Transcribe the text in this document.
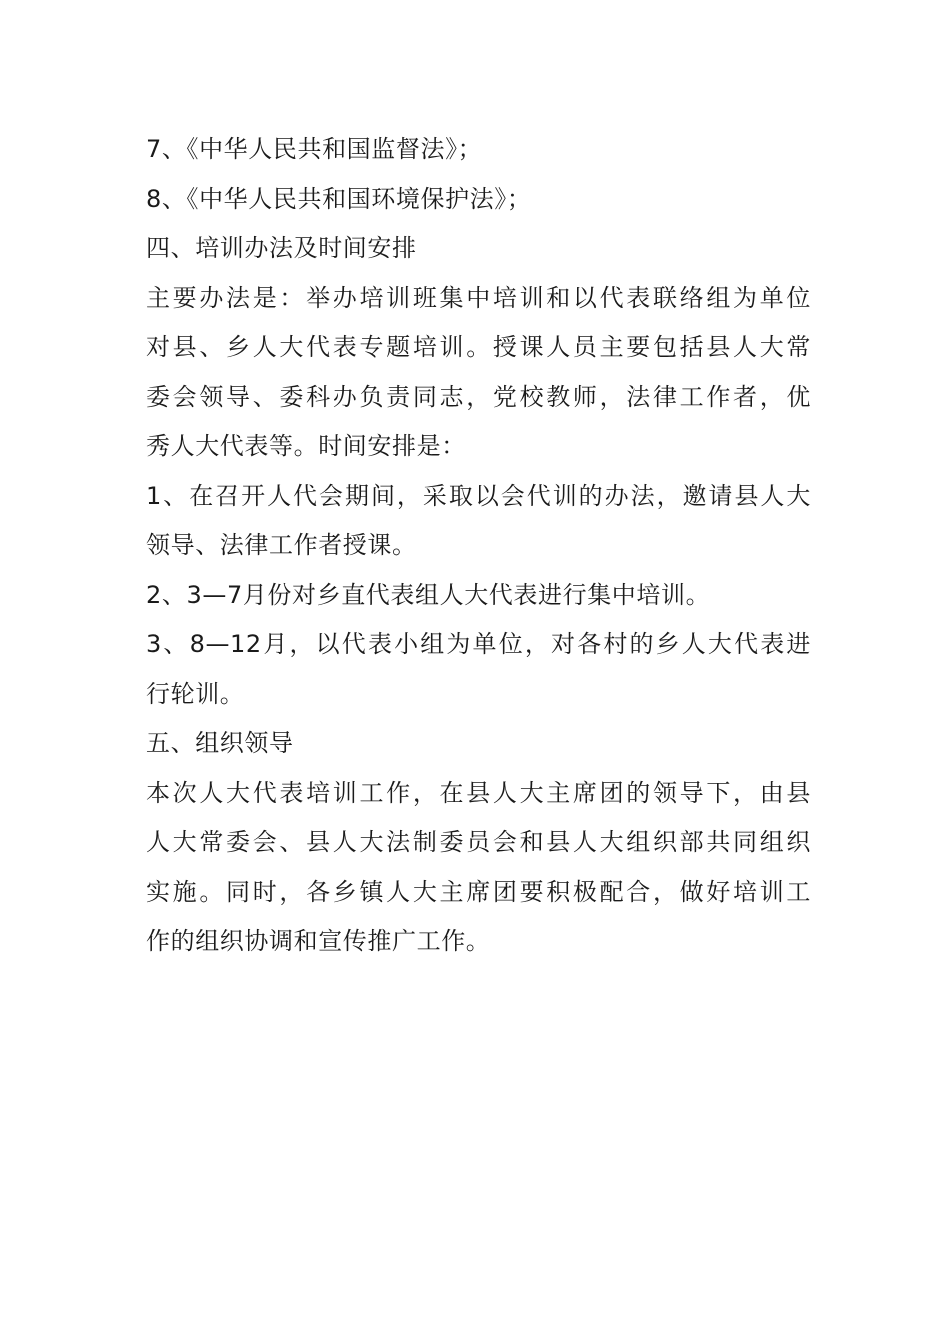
7、《中华人民共和国监督法》；
8、《中华人民共和国环境保护法》；
四、培训办法及时间安排
主要办法是：举办培训班集中培训和以代表联络组为单位
对县、乡人大代表专题培训。授课人员主要包括县人大常
委会领导、委科办负责同志，党校教师，法律工作者，优
秀人大代表等。时间安排是：
1、在召开人代会期间，采取以会代训的办法，邀请县人大
领导、法律工作者授课。
2、3—7月份对乡直代表组人大代表进行集中培训。
3、8—12月，以代表小组为单位，对各村的乡人大代表进
行轮训。
五、组织领导
本次人大代表培训工作，在县人大主席团的领导下，由县
人大常委会、县人大法制委员会和县人大组织部共同组织
实施。同时，各乡镇人大主席团要积极配合，做好培训工
作的组织协调和宣传推广工作。
